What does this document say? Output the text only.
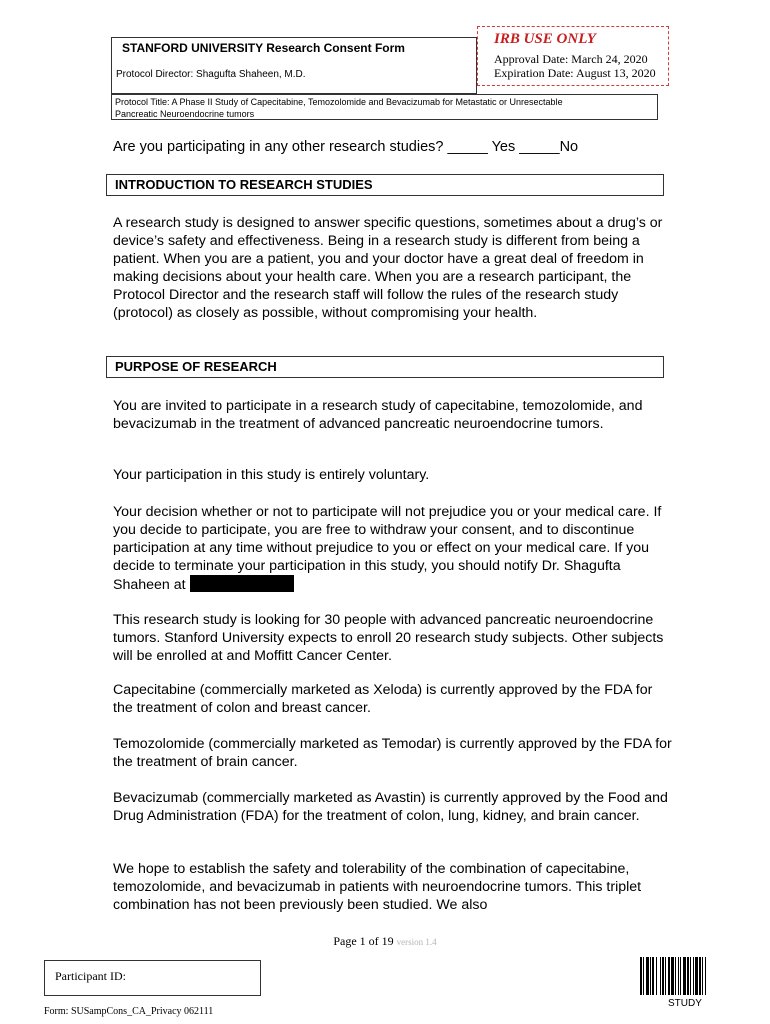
STANFORD UNIVERSITY Research Consent Form
Protocol Director: Shagufta Shaheen, M.D.
IRB USE ONLY
Approval Date: March 24, 2020
Expiration Date: August 13, 2020
Protocol Title: A Phase II Study of Capecitabine, Temozolomide and Bevacizumab for Metastatic or Unresectable
Pancreatic Neuroendocrine tumors
Are you participating in any other research studies? _____ Yes _____No
INTRODUCTION TO RESEARCH STUDIES
A research study is designed to answer specific questions, sometimes about a drug’s or device’s safety and effectiveness. Being in a research study is different from being a patient. When you are a patient, you and your doctor have a great deal of freedom in making decisions about your health care. When you are a research participant, the Protocol Director and the research staff will follow the rules of the research study (protocol) as closely as possible, without compromising your health.
PURPOSE OF RESEARCH
You are invited to participate in a research study of capecitabine, temozolomide, and bevacizumab in the treatment of advanced pancreatic neuroendocrine tumors.
Your participation in this study is entirely voluntary.
Your decision whether or not to participate will not prejudice you or your medical care. If you decide to participate, you are free to withdraw your consent, and to discontinue participation at any time without prejudice to you or effect on your medical care. If you decide to terminate your participation in this study, you should notify Dr. Shagufta Shaheen at
This research study is looking for 30 people with advanced pancreatic neuroendocrine tumors. Stanford University expects to enroll 20 research study subjects. Other subjects will be enrolled at and Moffitt Cancer Center.
Capecitabine (commercially marketed as Xeloda) is currently approved by the FDA for the treatment of colon and breast cancer.
Temozolomide (commercially marketed as Temodar) is currently approved by the FDA for the treatment of brain cancer.
Bevacizumab (commercially marketed as Avastin) is currently approved by the Food and Drug Administration (FDA) for the treatment of colon, lung, kidney, and brain cancer.
We hope to establish the safety and tolerability of the combination of capecitabine, temozolomide, and bevacizumab in patients with neuroendocrine tumors. This triplet combination has not been previously been studied. We also
Page 1 of 19 version 1.4
Participant ID:
Form: SUSampCons_CA_Privacy 062111
STUDY
